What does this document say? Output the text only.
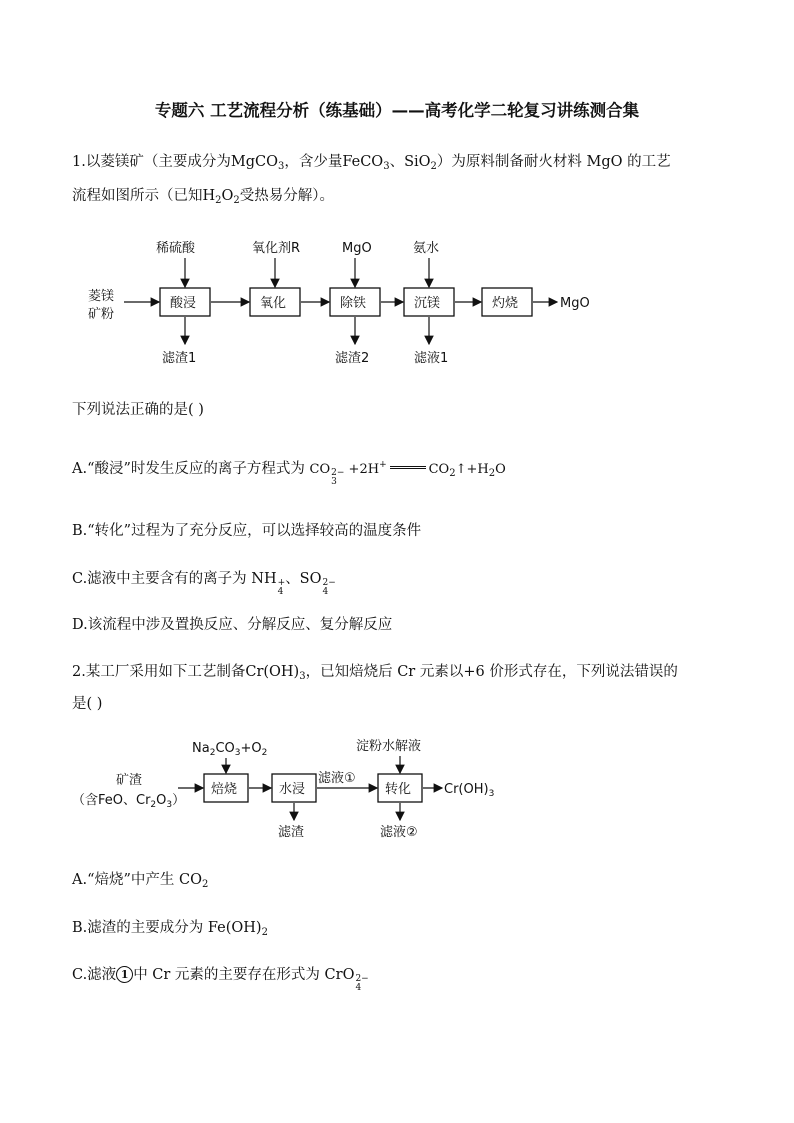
专题六 工艺流程分析（练基础）——高考化学二轮复习讲练测合集
1.以菱镁矿（主要成分为MgCO$_3$，含少量FeCO$_3$、SiO$_2$）为原料制备耐火材料 MgO 的工艺
流程如图所示（已知$H_2O_2$受热易分解）。
菱镁
矿粉
稀硫酸	氧化剂R	MgO	氨水
酸浸	氧化	除铁	沉镁	灼烧	MgO
滤渣1	滤渣2	滤液1
下列说法正确的是( )
A.“酸浸”时发生反应的离子方程式为 CO 2−
3
+2H+	$CO_2↑+H_2O$
B.“转化”过程为了充分反应，可以选择较高的温度条件
C.滤液中主要含有的离子为 NH +
4
、SO 2−
4
D.该流程中涉及置换反应、分解反应、复分解反应
2.某工厂采用如下工艺制备$Cr(OH)_3$，已知焙烧后 Cr 元素以+6 价形式存在，下列说法错误的
是( )
$Na_2CO_3+O_2$	淀粉水解液
矿渣
（含FeO、$Cr_2O_3$）
焙烧	水浸	转化
滤液①
$Cr(OH)_3$
滤渣	滤液②
A.“焙烧”中产生 $CO_2$
B.滤渣的主要成分为 $Fe(OH)_2$
C.滤液 1 中 Cr 元素的主要存在形式为 CrO 2−
4
